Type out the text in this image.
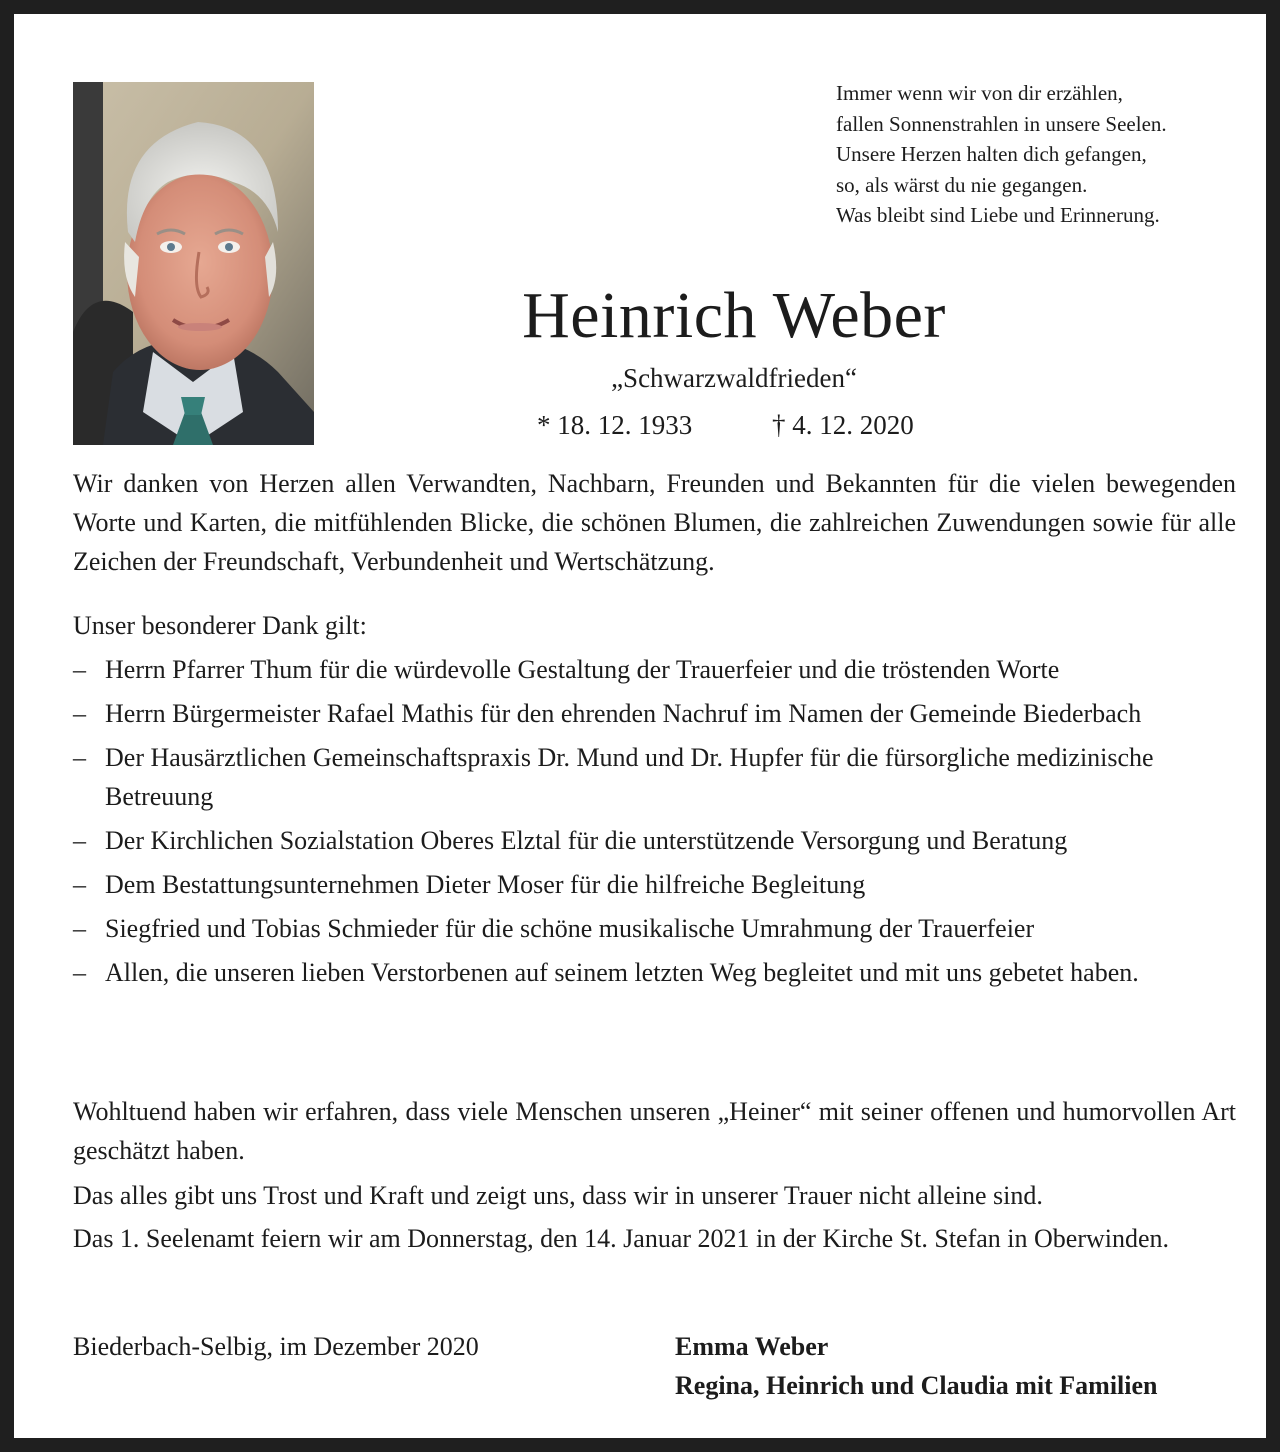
Immer wenn wir von dir erzählen,
fallen Sonnenstrahlen in unsere Seelen.
Unsere Herzen halten dich gefangen,
so, als wärst du nie gegangen.
Was bleibt sind Liebe und Erinnerung.
Heinrich Weber
„Schwarzwaldfrieden“
* 18. 12. 1933	† 4. 12. 2020
Wir danken von Herzen allen Verwandten, Nachbarn, Freunden und Bekannten für die vielen bewegenden Worte und Karten, die mitfühlenden Blicke, die schönen Blumen, die zahlreichen Zuwendungen sowie für alle Zeichen der Freundschaft, Verbundenheit und Wertschätzung.
Unser besonderer Dank gilt:
– Herrn Pfarrer Thum für die würdevolle Gestaltung der Trauerfeier und die tröstenden Worte
– Herrn Bürgermeister Rafael Mathis für den ehrenden Nachruf im Namen der Gemeinde Biederbach
– Der Hausärztlichen Gemeinschaftspraxis Dr. Mund und Dr. Hupfer für die fürsorgliche medizinische Betreuung
– Der Kirchlichen Sozialstation Oberes Elztal für die unterstützende Versorgung und Beratung
– Dem Bestattungsunternehmen Dieter Moser für die hilfreiche Begleitung
– Siegfried und Tobias Schmieder für die schöne musikalische Umrahmung der Trauerfeier
– Allen, die unseren lieben Verstorbenen auf seinem letzten Weg begleitet und mit uns gebetet haben.
Wohltuend haben wir erfahren, dass viele Menschen unseren „Heiner“ mit seiner offenen und humorvollen Art geschätzt haben.
Das alles gibt uns Trost und Kraft und zeigt uns, dass wir in unserer Trauer nicht alleine sind.
Das 1. Seelenamt feiern wir am Donnerstag, den 14. Januar 2021 in der Kirche St. Stefan in Oberwinden.
Biederbach-Selbig, im Dezember 2020	Emma Weber
Regina, Heinrich und Claudia mit Familien
